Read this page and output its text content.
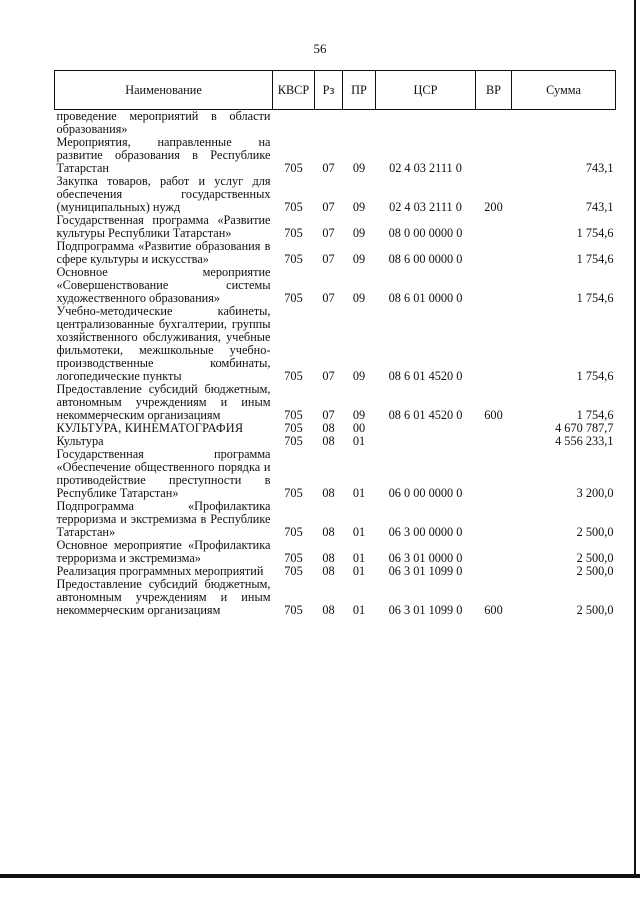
56
Наименование	КВСР	Рз	ПР	ЦСР	ВР	Сумма
проведение мероприятий в области образования»						
Мероприятия, направленные на развитие образования в Республике Татарстан	705	07	09	02 4 03 2111 0		743,1
Закупка товаров, работ и услуг для обеспечения государственных (муниципальных) нужд	705	07	09	02 4 03 2111 0	200	743,1
Государственная программа «Развитие культуры Республики Татарстан»	705	07	09	08 0 00 0000 0		1 754,6
Подпрограмма «Развитие образования в сфере культуры и искусства»	705	07	09	08 6 00 0000 0		1 754,6
Основное мероприятие «Совершенствование системы художественного образования»	705	07	09	08 6 01 0000 0		1 754,6
Учебно-методические кабинеты, централизованные бухгалтерии, группы хозяйственного обслуживания, учебные фильмотеки, межшкольные учебно-производственные комбинаты, логопедические пункты	705	07	09	08 6 01 4520 0		1 754,6
Предоставление субсидий бюджетным, автономным учреждениям и иным некоммерческим организациям	705	07	09	08 6 01 4520 0	600	1 754,6
КУЛЬТУРА, КИНЕМАТОГРАФИЯ	705	08	00			4 670 787,7
Культура	705	08	01			4 556 233,1
Государственная программа «Обеспечение общественного порядка и противодействие преступности в Республике Татарстан»	705	08	01	06 0 00 0000 0		3 200,0
Подпрограмма «Профилактика терроризма и экстремизма в Республике Татарстан»	705	08	01	06 3 00 0000 0		2 500,0
Основное мероприятие «Профилактика терроризма и экстремизма»	705	08	01	06 3 01 0000 0		2 500,0
Реализация программных мероприятий	705	08	01	06 3 01 1099 0		2 500,0
Предоставление субсидий бюджетным, автономным учреждениям и иным некоммерческим организациям	705	08	01	06 3 01 1099 0	600	2 500,0
